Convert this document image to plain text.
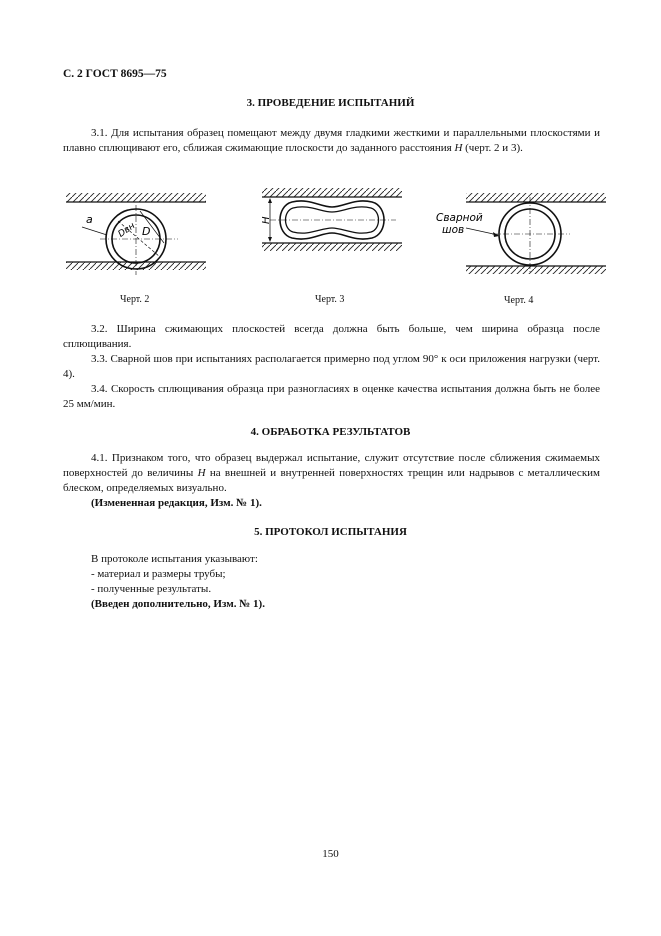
С. 2 ГОСТ 8695—75
3. ПРОВЕДЕНИЕ ИСПЫТАНИЙ
3.1. Для испытания образец помещают между двумя гладкими жесткими и параллельными плоскостями и плавно сплющивают его, сближая сжимающие плоскости до заданного расстояния H (черт. 2 и 3).
a
Dвн D
H	Сварной
шов
Черт. 2	Черт. 3	Черт. 4
3.2. Ширина сжимающих плоскостей всегда должна быть больше, чем ширина образца после сплющивания.
3.3. Сварной шов при испытаниях располагается примерно под углом 90° к оси приложения нагрузки (черт. 4).
3.4. Скорость сплющивания образца при разногласиях в оценке качества испытания должна быть не более 25 мм/мин.
4. ОБРАБОТКА РЕЗУЛЬТАТОВ
4.1. Признаком того, что образец выдержал испытание, служит отсутствие после сближения сжимаемых поверхностей до величины H на внешней и внутренней поверхностях трещин или надрывов с металлическим блеском, определяемых визуально.
(Измененная редакция, Изм. № 1).
5. ПРОТОКОЛ ИСПЫТАНИЯ
В протоколе испытания указывают:
- материал и размеры трубы;
- полученные результаты.
(Введен дополнительно, Изм. № 1).
150
